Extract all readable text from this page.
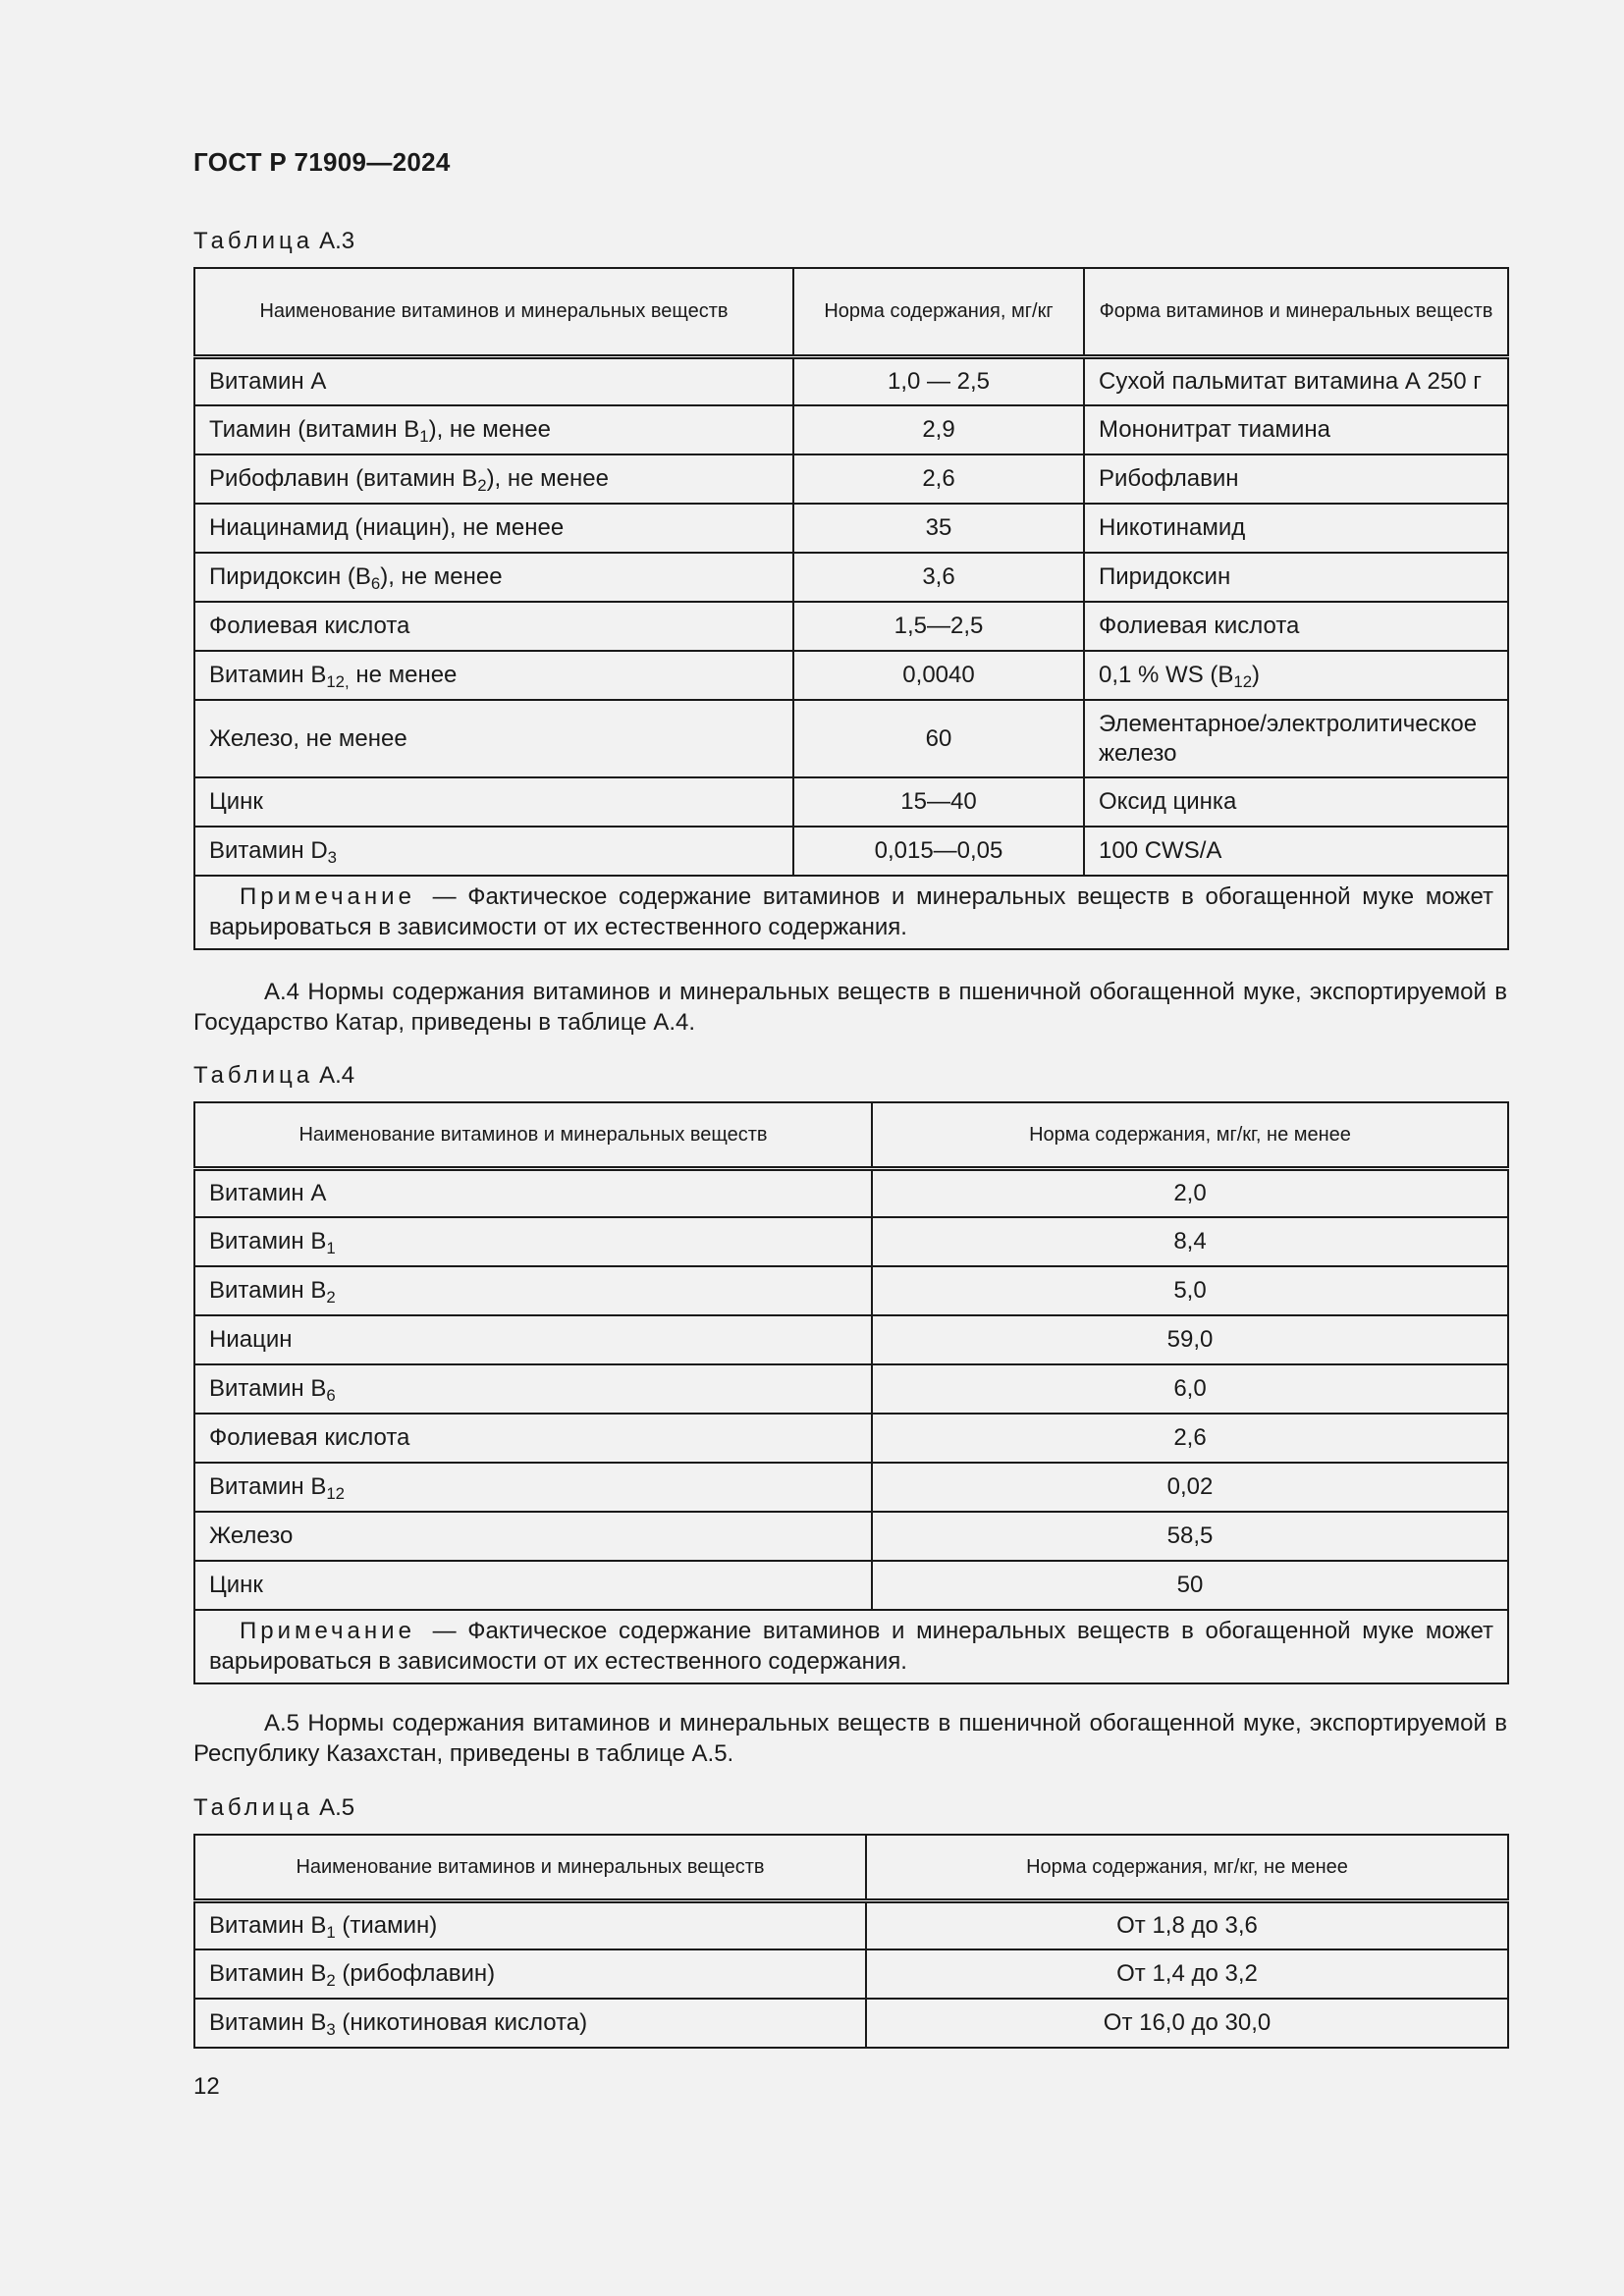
ГОСТ Р 71909—2024
Таблица А.3
Наименование витаминов и минеральных веществ	Норма содержания, мг/кг	Форма витаминов и минеральных веществ
Витамин А	1,0 — 2,5	Сухой пальмитат витамина А 250 г
Тиамин (витамин $В_1$), не менее	2,9	Мононитрат тиамина
Рибофлавин (витамин $В_2$), не менее	2,6	Рибофлавин
Ниацинамид (ниацин), не менее	35	Никотинамид
Пиридоксин $(В_6)$, не менее	3,6	Пиридоксин
Фолиевая кислота	1,5—2,5	Фолиевая кислота
Витамин $В_{12,}$ не менее	0,0040	0,1 % WS $(В_{12})$
Железо, не менее	60	Элементарное/электролитическое железо
Цинк	15—40	Оксид цинка
Витамин $D_3$	0,015—0,05	100 CWS/A
Примечание — Фактическое содержание витаминов и минеральных веществ в обогащенной муке может варьироваться в зависимости от их естественного содержания.		

А.4 Нормы содержания витаминов и минеральных веществ в пшеничной обогащенной муке, экспортируемой в Государство Катар, приведены в таблице А.4.

Таблица А.4
Наименование витаминов и минеральных веществ	Норма содержания, мг/кг, не менее
Витамин А	2,0
Витамин $В_1$	8,4
Витамин $В_2$	5,0
Ниацин	59,0
Витамин $В_6$	6,0
Фолиевая кислота	2,6
Витамин $В_{12}$	0,02
Железо	58,5
Цинк	50
Примечание — Фактическое содержание витаминов и минеральных веществ в обогащенной муке может варьироваться в зависимости от их естественного содержания.	

А.5 Нормы содержания витаминов и минеральных веществ в пшеничной обогащенной муке, экспортируемой в Республику Казахстан, приведены в таблице А.5.

Таблица А.5
Наименование витаминов и минеральных веществ	Норма содержания, мг/кг, не менее
Витамин $В_1$ (тиамин)	От 1,8 до 3,6
Витамин $В_2$ (рибофлавин)	От 1,4 до 3,2
Витамин $В_3$ (никотиновая кислота)	От 16,0 до 30,0
12
